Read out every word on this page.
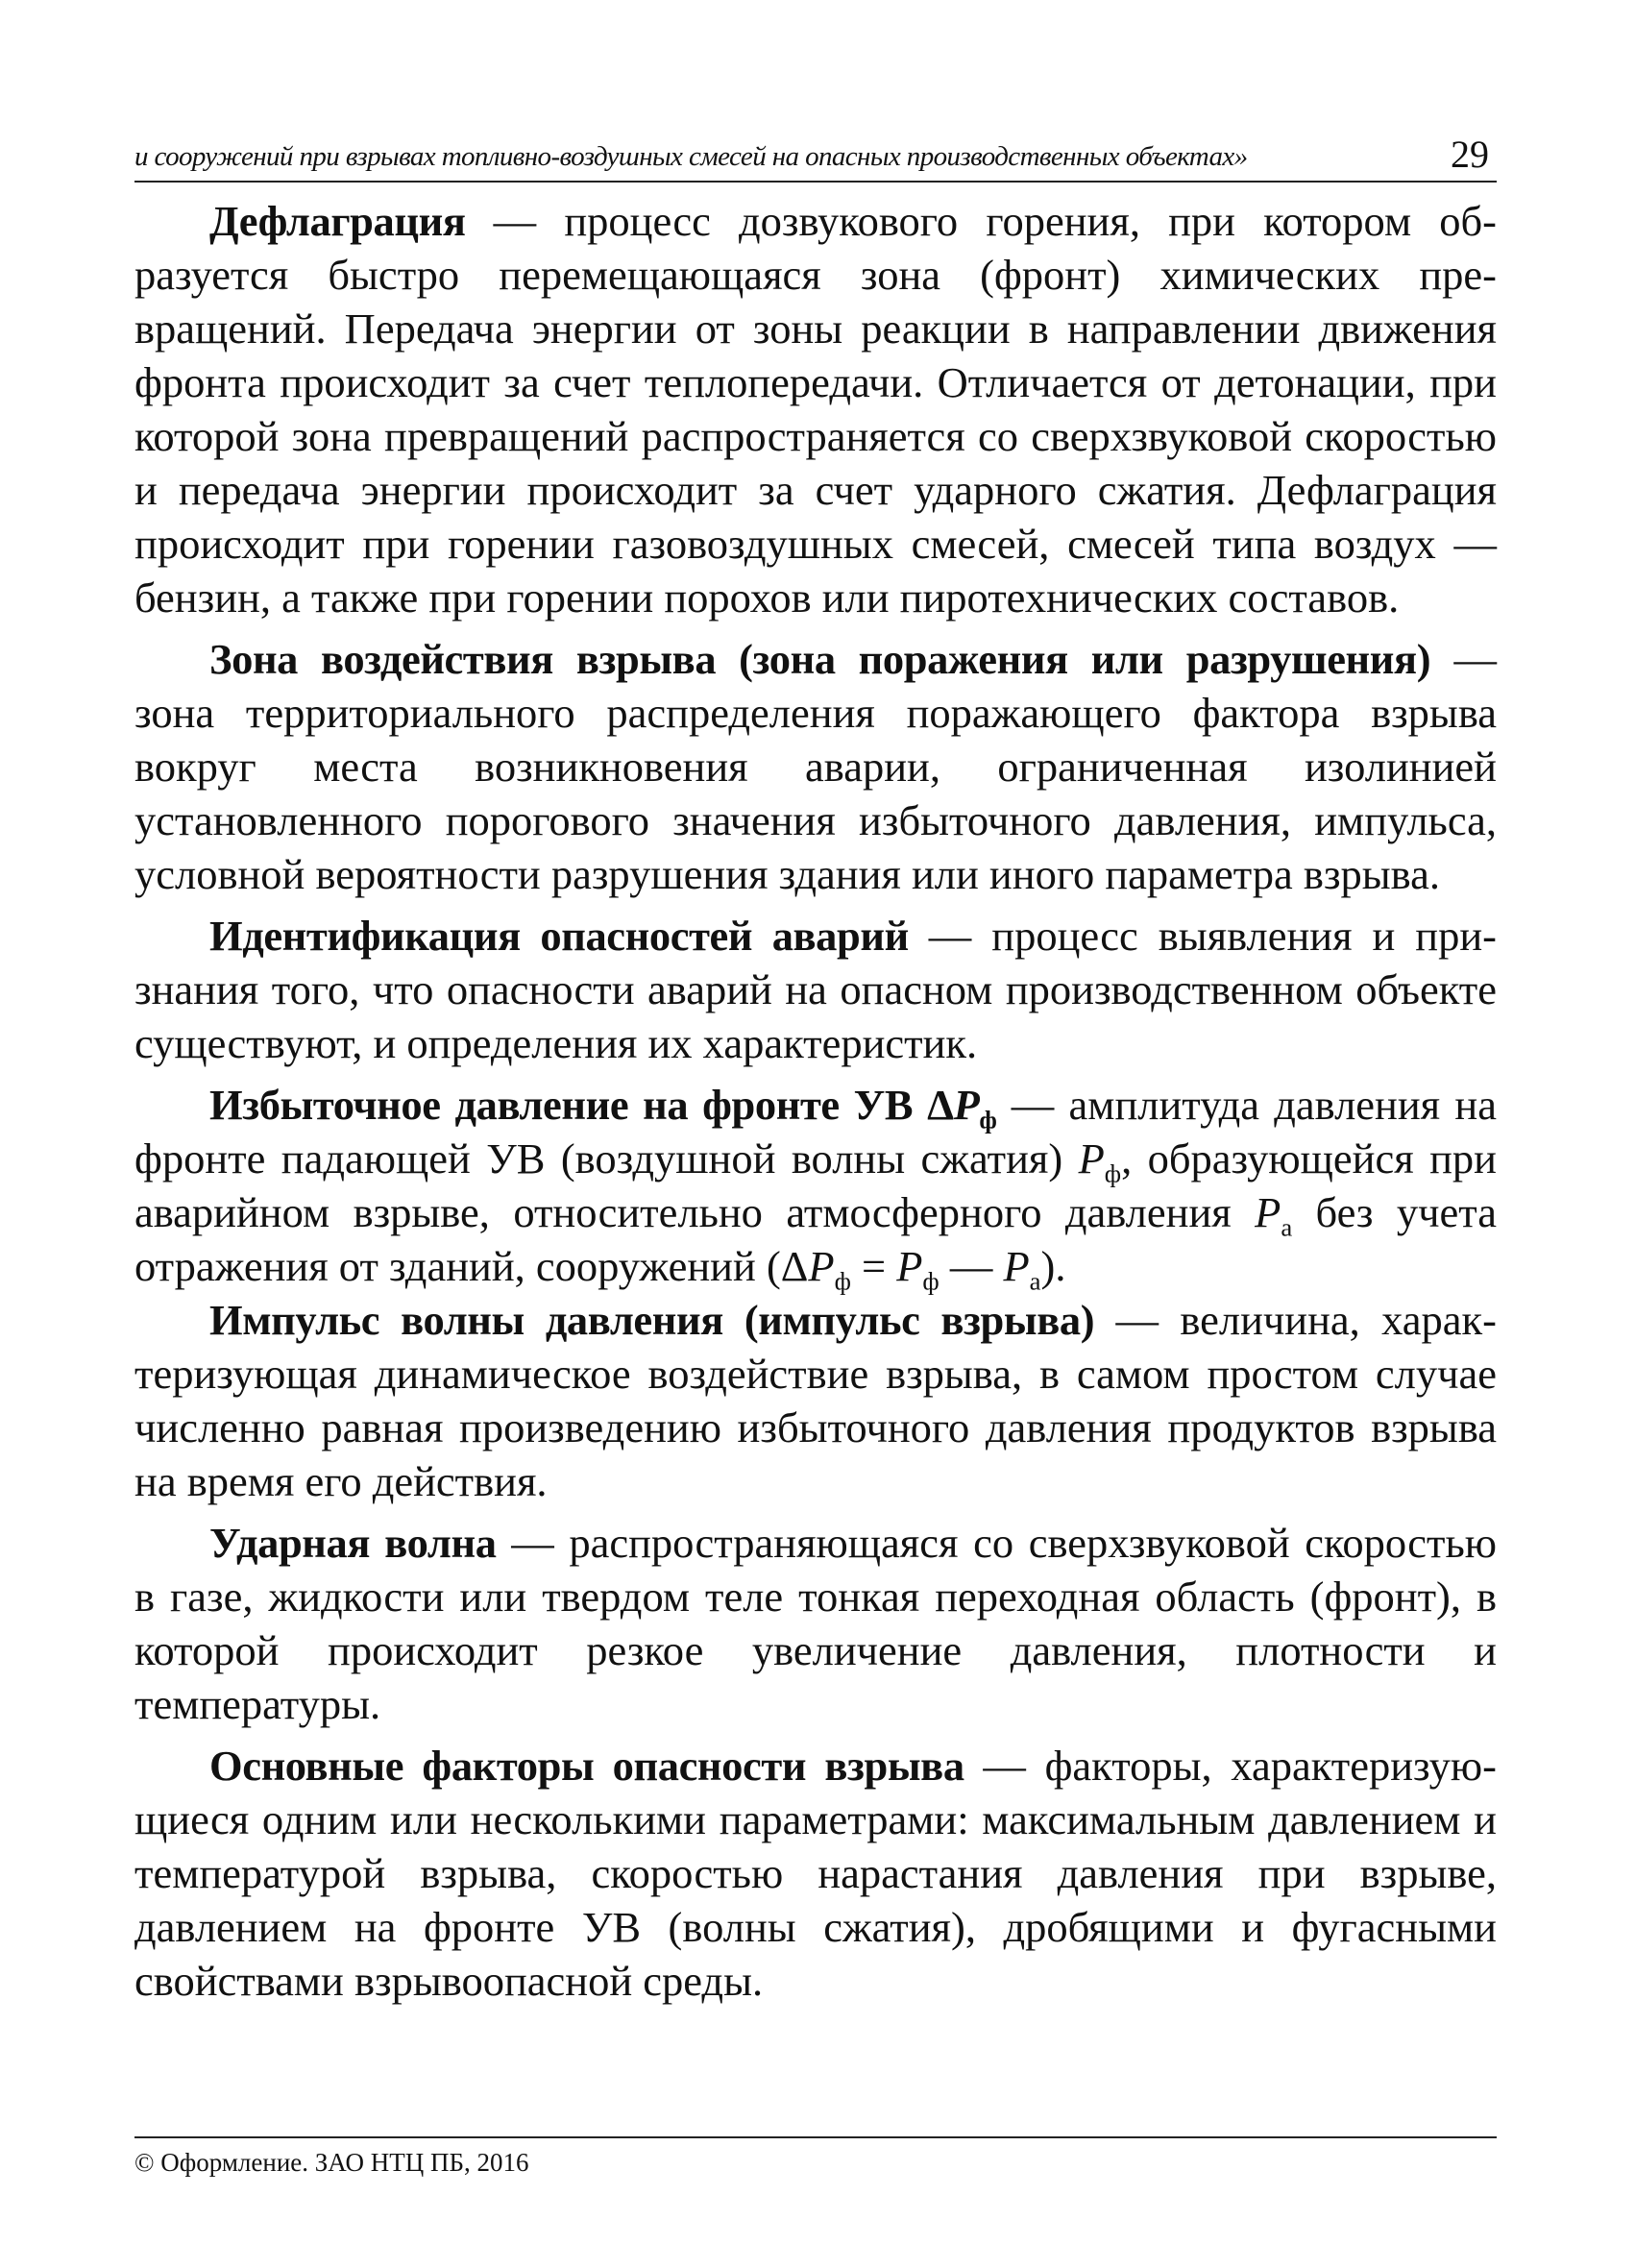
и сооружений при взрывах топливно-воздушных смесей на опасных производственных объектах»	29

Дефлаграция — процесс дозвукового горения, при котором образуется быстро перемещающаяся зона (фронт) химических превращений. Передача энергии от зоны реакции в направлении движения фронта происходит за счет теплопередачи. Отличается от детонации, при которой зона превращений распространяется со сверхзвуковой скоростью и передача энергии происходит за счет ударного сжатия. Дефлаграция происходит при горении газовоздушных смесей, смесей типа воздух — бензин, а также при горении порохов или пиротехнических составов.

Зона воздействия взрыва (зона поражения или разрушения) — зона территориального распределения поражающего фактора взрыва вокруг места возникновения аварии, ограниченная изолинией установленного порогового значения избыточного давления, импульса, условной вероятности разрушения здания или иного параметра взрыва.

Идентификация опасностей аварий — процесс выявления и признания того, что опасности аварий на опасном производственном объекте существуют, и определения их характеристик.

Избыточное давление на фронте УВ $\Delta P_ф$ — амплитуда давления на фронте падающей УВ (воздушной волны сжатия) $P_ф$, образующейся при аварийном взрыве, относительно атмосферного давления $P_а$ без учета отражения от зданий, сооружений ($\Delta P_ф = P_ф$ — $P_а$).

Импульс волны давления (импульс взрыва) — величина, характеризующая динамическое воздействие взрыва, в самом простом случае численно равная произведению избыточного давления продуктов взрыва на время его действия.

Ударная волна — распространяющаяся со сверхзвуковой скоростью в газе, жидкости или твердом теле тонкая переходная область (фронт), в которой происходит резкое увеличение давления, плотности и температуры.

Основные факторы опасности взрыва — факторы, характеризующиеся одним или несколькими параметрами: максимальным давлением и температурой взрыва, скоростью нарастания давления при взрыве, давлением на фронте УВ (волны сжатия), дробящими и фугасными свойствами взрывоопасной среды.

© Оформление. ЗАО НТЦ ПБ, 2016
